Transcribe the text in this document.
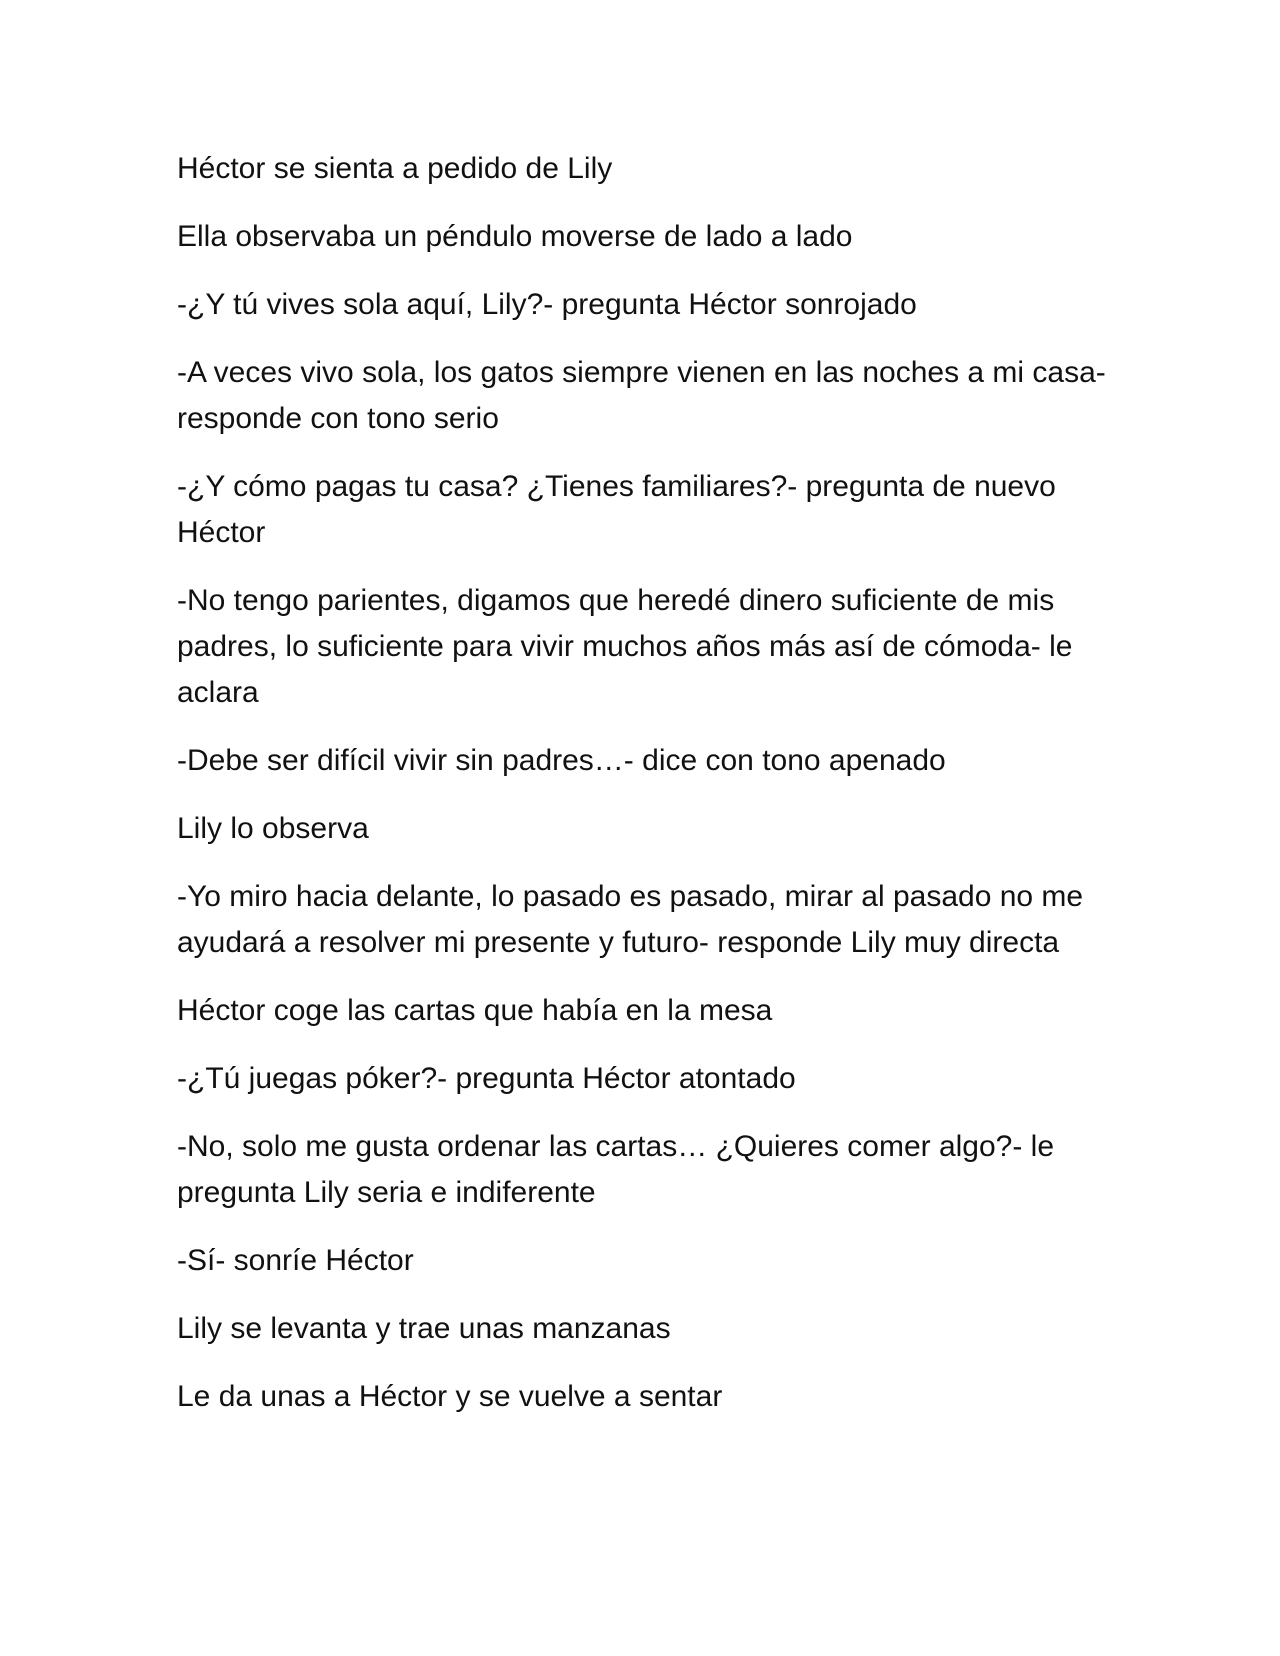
Héctor se sienta a pedido de Lily

Ella observaba un péndulo moverse de lado a lado

-¿Y tú vives sola aquí, Lily?- pregunta Héctor sonrojado

-A veces vivo sola, los gatos siempre vienen en las noches a mi casa-
responde con tono serio

-¿Y cómo pagas tu casa? ¿Tienes familiares?- pregunta de nuevo
Héctor

-No tengo parientes, digamos que heredé dinero suficiente de mis
padres, lo suficiente para vivir muchos años más así de cómoda- le
aclara

-Debe ser difícil vivir sin padres…- dice con tono apenado

Lily lo observa

-Yo miro hacia delante, lo pasado es pasado, mirar al pasado no me
ayudará a resolver mi presente y futuro- responde Lily muy directa

Héctor coge las cartas que había en la mesa

-¿Tú juegas póker?- pregunta Héctor atontado

-No, solo me gusta ordenar las cartas… ¿Quieres comer algo?- le
pregunta Lily seria e indiferente

-Sí- sonríe Héctor

Lily se levanta y trae unas manzanas

Le da unas a Héctor y se vuelve a sentar
